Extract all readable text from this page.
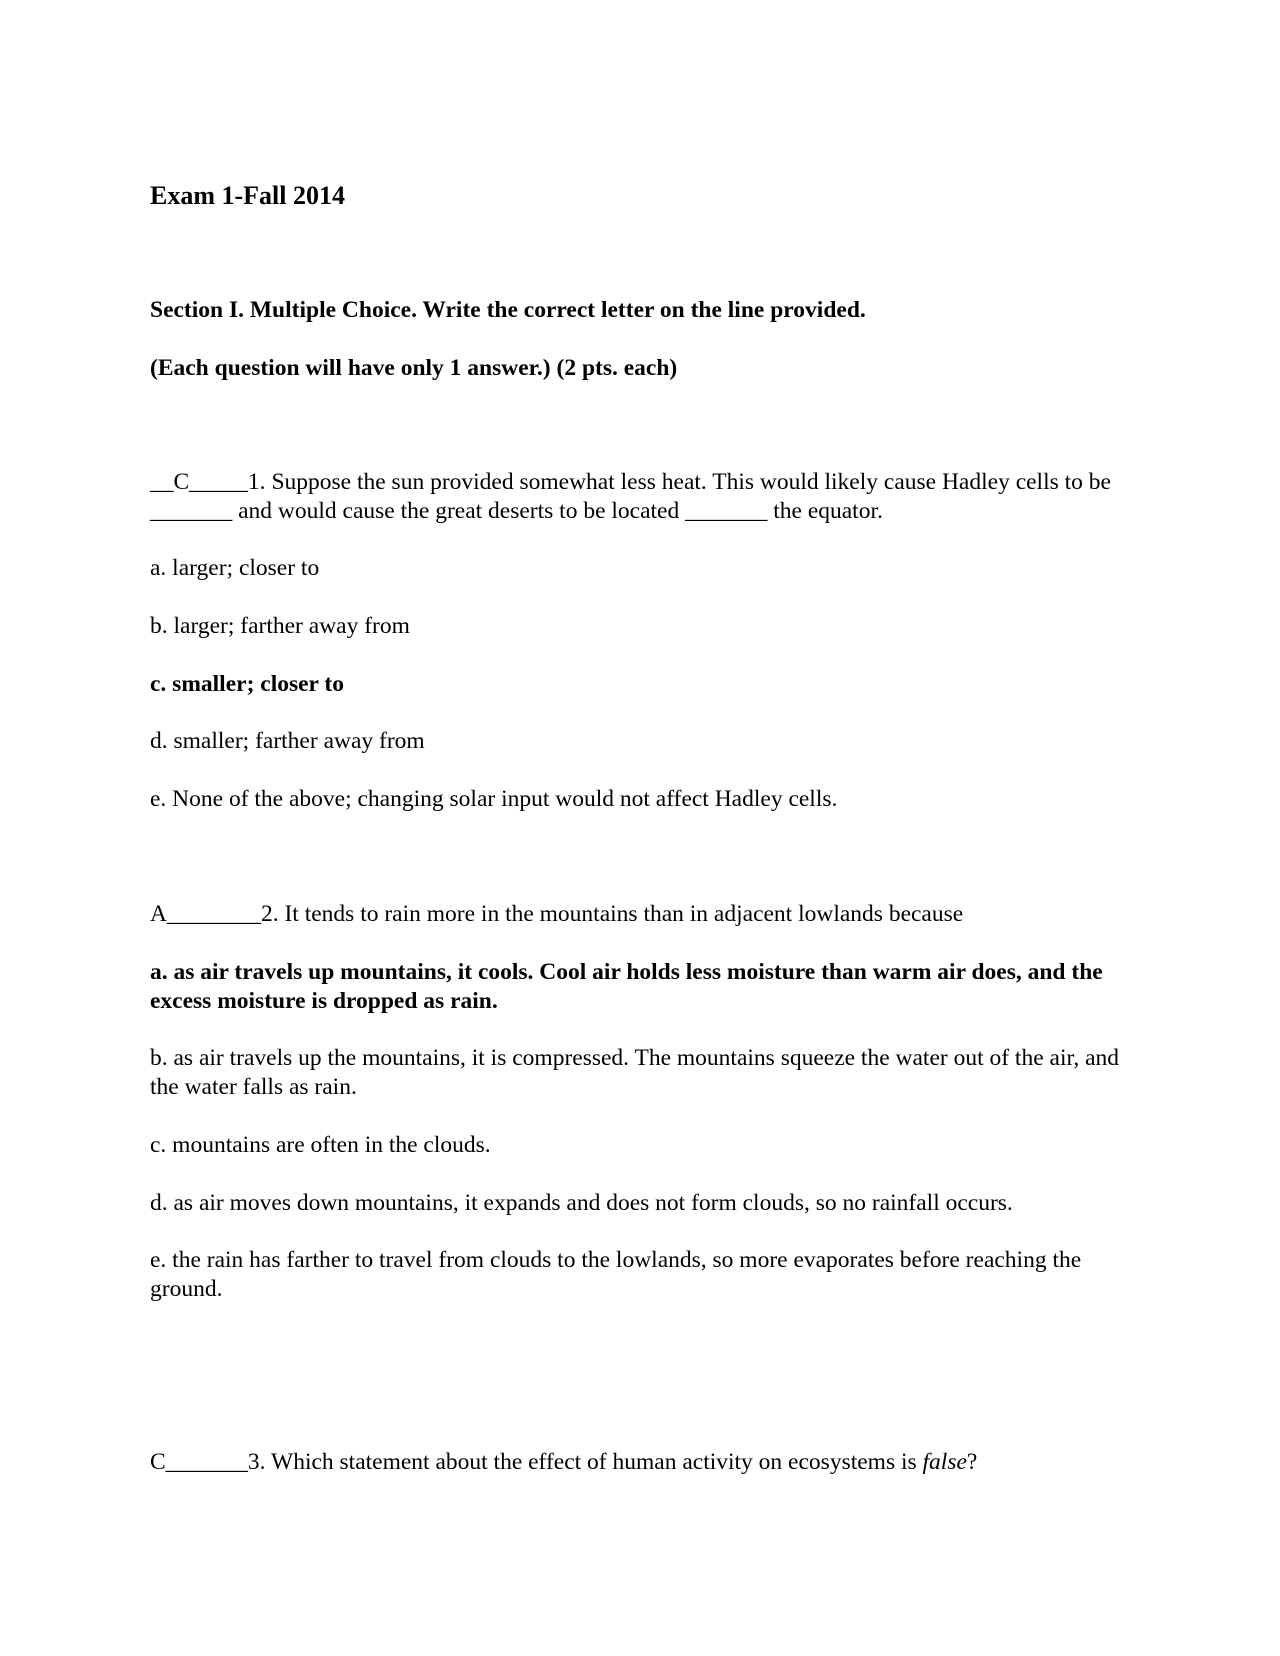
Exam 1-Fall 2014

Section I. Multiple Choice. Write the correct letter on the line provided.

(Each question will have only 1 answer.) (2 pts. each)

__C_____1. Suppose the sun provided somewhat less heat. This would likely cause Hadley cells to be _______ and would cause the great deserts to be located _______ the equator.

a. larger; closer to

b. larger; farther away from

c. smaller; closer to

d. smaller; farther away from

e. None of the above; changing solar input would not affect Hadley cells.

A________2. It tends to rain more in the mountains than in adjacent lowlands because

a. as air travels up mountains, it cools. Cool air holds less moisture than warm air does, and the excess moisture is dropped as rain.

b. as air travels up the mountains, it is compressed. The mountains squeeze the water out of the air, and the water falls as rain.

c. mountains are often in the clouds.

d. as air moves down mountains, it expands and does not form clouds, so no rainfall occurs.

e. the rain has farther to travel from clouds to the lowlands, so more evaporates before reaching the ground.

C_______3. Which statement about the effect of human activity on ecosystems is false?
